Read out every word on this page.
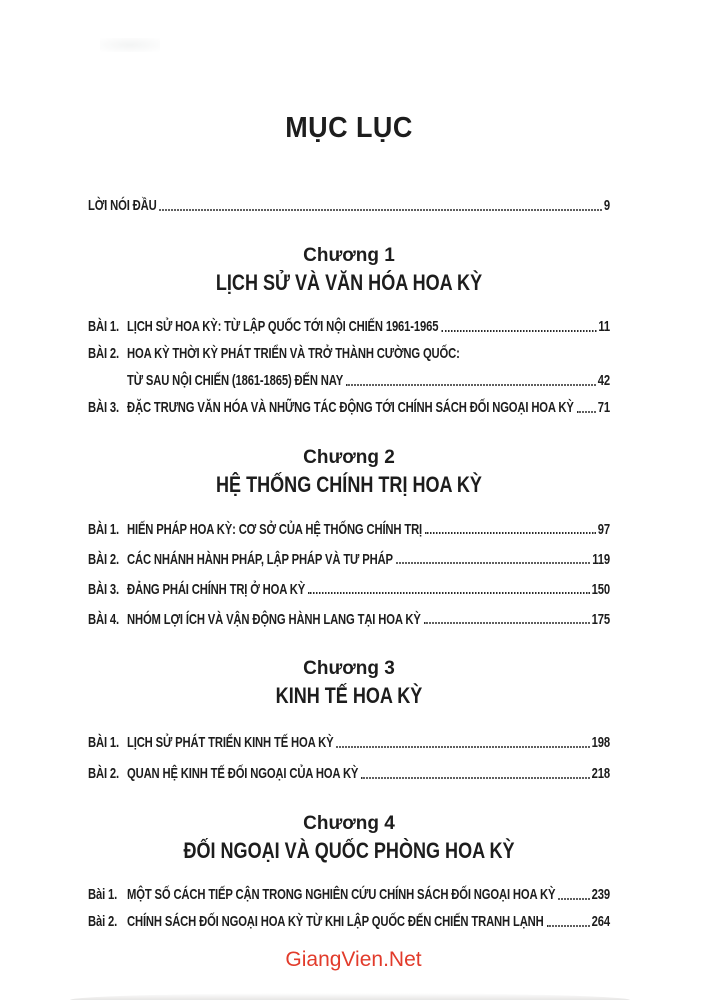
MỤC LỤC
LỜI NÓI ĐẦU	9
Chương 1
LỊCH SỬ VÀ VĂN HÓA HOA KỲ
BÀI 1. LỊCH SỬ HOA KỲ: TỪ LẬP QUỐC TỚI NỘI CHIẾN 1961-1965	11
BÀI 2. HOA KỲ THỜI KỲ PHÁT TRIỂN VÀ TRỞ THÀNH CƯỜNG QUỐC:
TỪ SAU NỘI CHIẾN (1861-1865) ĐẾN NAY	42
BÀI 3. ĐẶC TRƯNG VĂN HÓA VÀ NHỮNG TÁC ĐỘNG TỚI CHÍNH SÁCH ĐỐI NGOẠI HOA KỲ 71
Chương 2
HỆ THỐNG CHÍNH TRỊ HOA KỲ
BÀI 1. HIẾN PHÁP HOA KỲ: CƠ SỞ CỦA HỆ THỐNG CHÍNH TRỊ	97
BÀI 2. CÁC NHÁNH HÀNH PHÁP, LẬP PHÁP VÀ TƯ PHÁP	119
BÀI 3. ĐẢNG PHÁI CHÍNH TRỊ Ở HOA KỲ	150
BÀI 4. NHÓM LỢI ÍCH VÀ VẬN ĐỘNG HÀNH LANG TẠI HOA KỲ	175
Chương 3
KINH TẾ HOA KỲ
BÀI 1. LỊCH SỬ PHÁT TRIỂN KINH TẾ HOA KỲ	198
BÀI 2. QUAN HỆ KINH TẾ ĐỐI NGOẠI CỦA HOA KỲ	218
Chương 4
ĐỐI NGOẠI VÀ QUỐC PHÒNG HOA KỲ
Bài 1. MỘT SỐ CÁCH TIẾP CẬN TRONG NGHIÊN CỨU CHÍNH SÁCH ĐỐI NGOẠI HOA KỲ 239
Bài 2. CHÍNH SÁCH ĐỐI NGOẠI HOA KỲ TỪ KHI LẬP QUỐC ĐẾN CHIẾN TRANH LẠNH	264
GiangVien.Net
